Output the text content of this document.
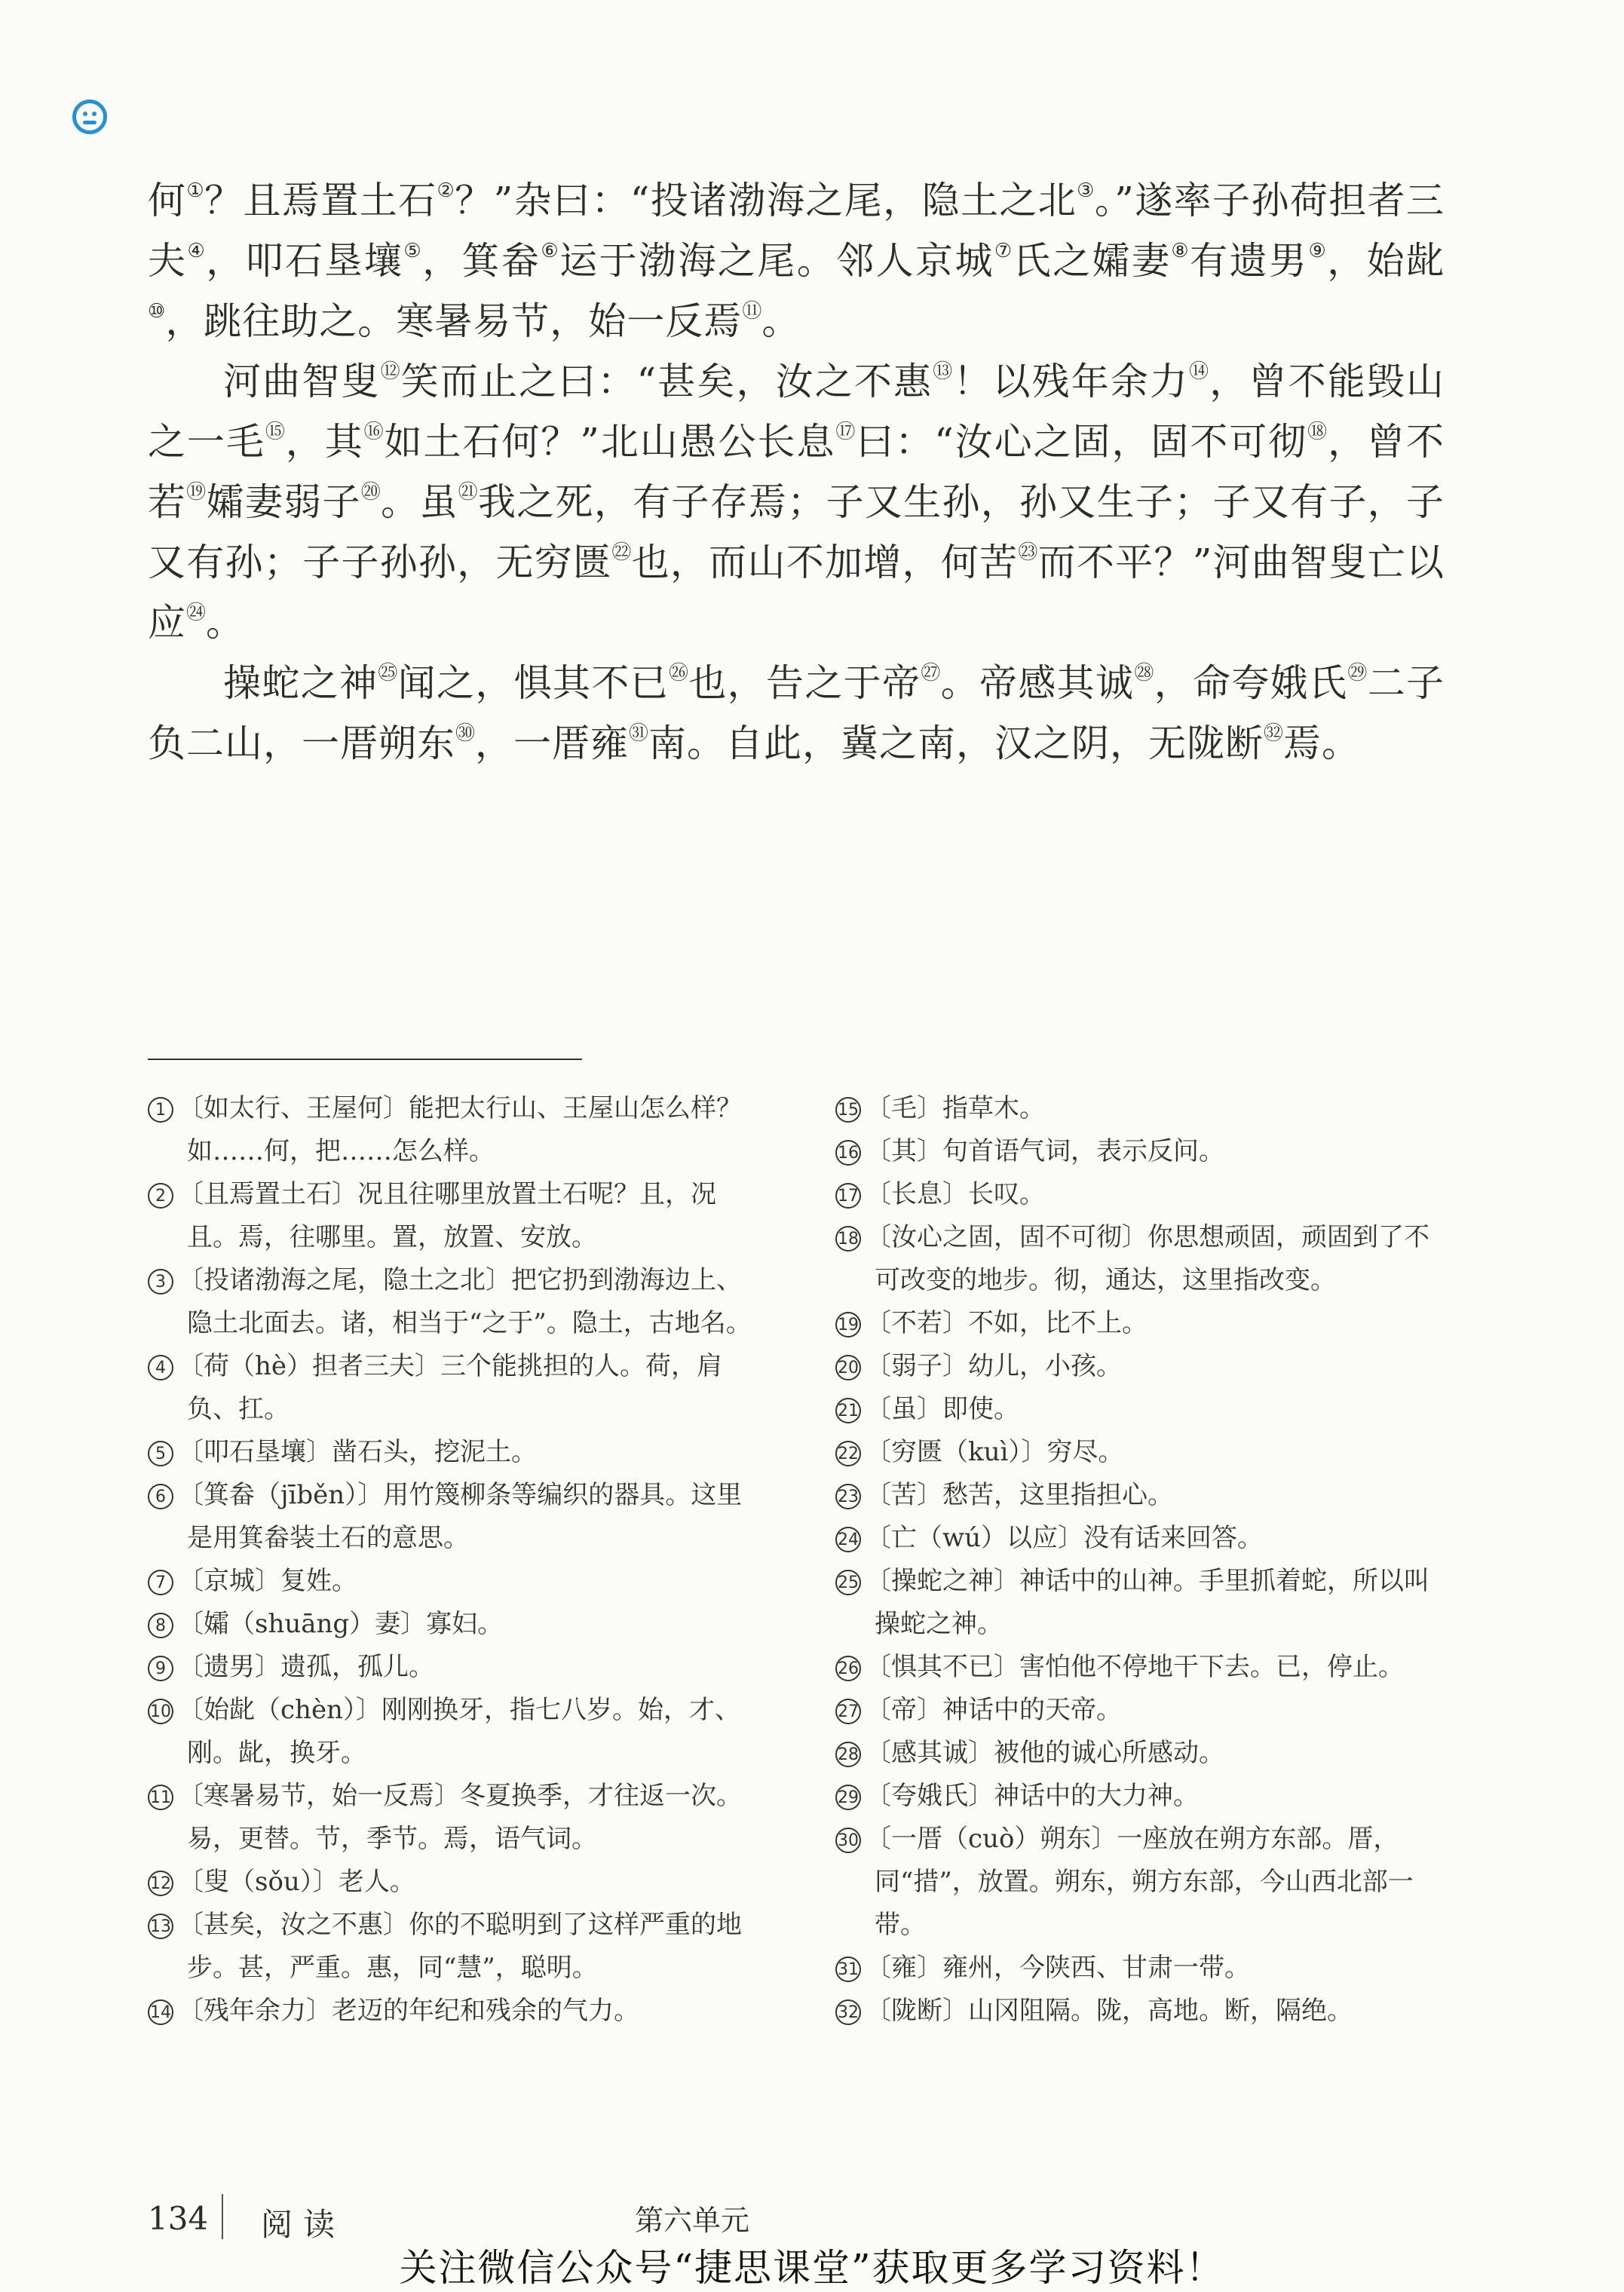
何①？且焉置土石②？”杂曰：“投诸渤海之尾，隐土之北③。”遂率子孙荷担者三夫④，叩石垦壤⑤，箕畚⑥运于渤海之尾。邻人京城⑦氏之孀妻⑧有遗男⑨，始龀⑩，跳往助之。寒暑易节，始一反焉⑪。

河曲智叟⑫笑而止之曰：“甚矣，汝之不惠⑬！以残年余力⑭，曾不能毁山之一毛⑮，其⑯如土石何？”北山愚公长息⑰曰：“汝心之固，固不可彻⑱，曾不若⑲孀妻弱子⑳。虽$^㉑$我之死，有子存焉；子又生孙，孙又生子；子又有子，子又有孙；子子孙孙，无穷匮$^㉒$也，而山不加增，何苦$^㉓$而不平？”河曲智叟亡以应$^㉔$。

操蛇之神$^㉕$闻之，惧其不已$^㉖$也，告之于帝$^㉗$。帝感其诚$^㉘$，命夸娥氏$^㉙$二子负二山，一厝朔东$^㉚$，一厝雍$^㉛$南。自此，冀之南，汉之阴，无陇断$^㉜$焉。

1 〔如太行、王屋何〕能把太行山、王屋山怎么样？如……何，把……怎么样。
2 〔且焉置土石〕况且往哪里放置土石呢？且，况且。焉，往哪里。置，放置、安放。
3 〔投诸渤海之尾，隐土之北〕把它扔到渤海边上、隐土北面去。诸，相当于“之于”。隐土，古地名。
4 〔荷（hè）担者三夫〕三个能挑担的人。荷，肩负、扛。
5 〔叩石垦壤〕凿石头，挖泥土。
6 〔箕畚（jīběn）〕用竹篾柳条等编织的器具。这里是用箕畚装土石的意思。
7 〔京城〕复姓。
8 〔孀（shuāng）妻〕寡妇。
9 〔遗男〕遗孤，孤儿。
10 〔始龀（chèn）〕刚刚换牙，指七八岁。始，才、刚。龀，换牙。
11 〔寒暑易节，始一反焉〕冬夏换季，才往返一次。易，更替。节，季节。焉，语气词。
12 〔叟（sǒu）〕老人。
13 〔甚矣，汝之不惠〕你的不聪明到了这样严重的地步。甚，严重。惠，同“慧”，聪明。
14 〔残年余力〕老迈的年纪和残余的气力。
15 〔毛〕指草木。
16 〔其〕句首语气词，表示反问。
17 〔长息〕长叹。
18 〔汝心之固，固不可彻〕你思想顽固，顽固到了不可改变的地步。彻，通达，这里指改变。
19 〔不若〕不如，比不上。
20 〔弱子〕幼儿，小孩。
21 〔虽〕即使。
22 〔穷匮（kuì）〕穷尽。
23 〔苦〕愁苦，这里指担心。
24 〔亡（wú）以应〕没有话来回答。
25 〔操蛇之神〕神话中的山神。手里抓着蛇，所以叫操蛇之神。
26 〔惧其不已〕害怕他不停地干下去。已，停止。
27 〔帝〕神话中的天帝。
28 〔感其诚〕被他的诚心所感动。
29 〔夸娥氏〕神话中的大力神。
30 〔一厝（cuò）朔东〕一座放在朔方东部。厝，同“措”，放置。朔东，朔方东部，今山西北部一带。
31 〔雍〕雍州，今陕西、甘肃一带。
32 〔陇断〕山冈阻隔。陇，高地。断，隔绝。
134 阅读	第六单元
关注微信公众号“捷思课堂”获取更多学习资料！
